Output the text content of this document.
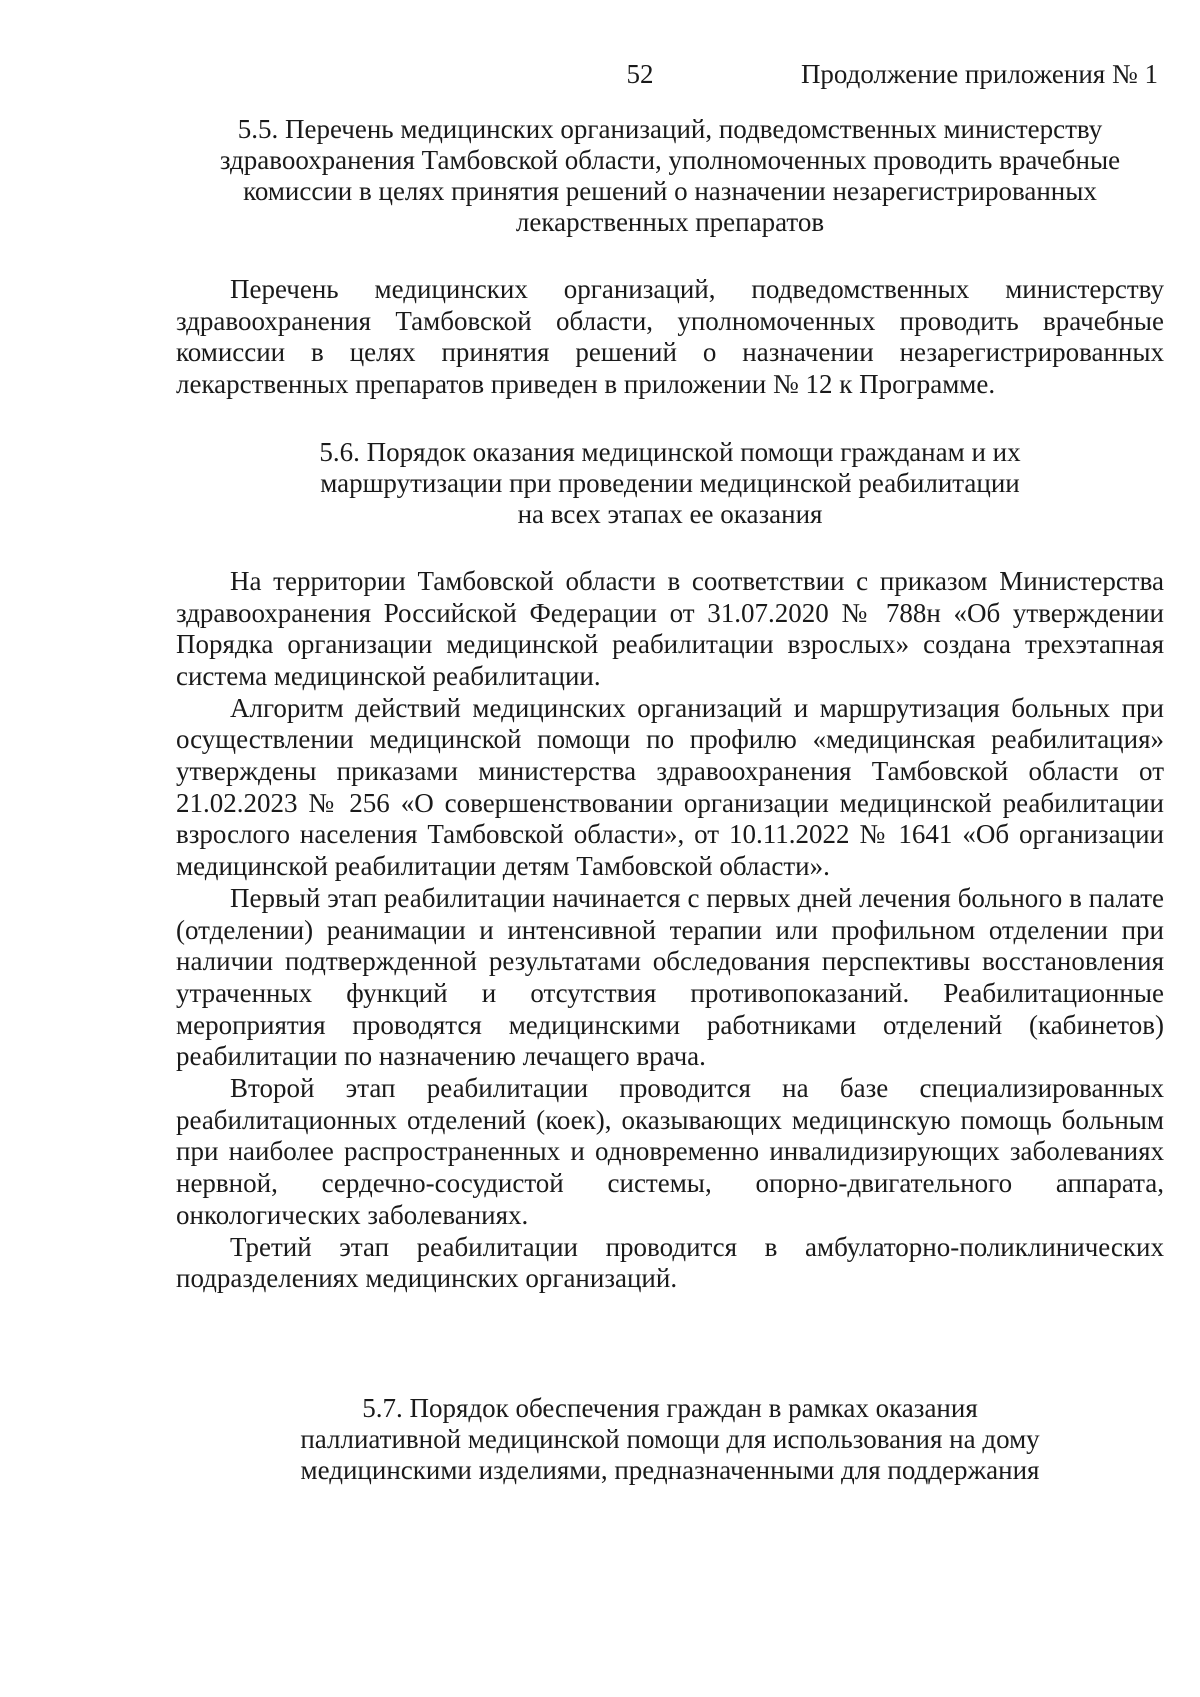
52	Продолжение приложения № 1
5.5. Перечень медицинских организаций, подведомственных министерству
здравоохранения Тамбовской области, уполномоченных проводить врачебные
комиссии в целях принятия решений о назначении незарегистрированных
лекарственных препаратов

Перечень медицинских организаций, подведомственных министерству здравоохранения Тамбовской области, уполномоченных проводить врачебные комиссии в целях принятия решений о назначении незарегистрированных лекарственных препаратов приведен в приложении № 12 к Программе.

5.6. Порядок оказания медицинской помощи гражданам и их
маршрутизации при проведении медицинской реабилитации
на всех этапах ее оказания

На территории Тамбовской области в соответствии с приказом Министерства здравоохранения Российской Федерации от 31.07.2020 № 788н «Об утверждении Порядка организации медицинской реабилитации взрослых» создана трехэтапная система медицинской реабилитации.

Алгоритм действий медицинских организаций и маршрутизация больных при осуществлении медицинской помощи по профилю «медицинская реабилитация» утверждены приказами министерства здравоохранения Тамбовской области от 21.02.2023 № 256 «О совершенствовании организации медицинской реабилитации взрослого населения Тамбовской области», от 10.11.2022 № 1641 «Об организации медицинской реабилитации детям Тамбовской области».

Первый этап реабилитации начинается с первых дней лечения больного в палате (отделении) реанимации и интенсивной терапии или профильном отделении при наличии подтвержденной результатами обследования перспективы восстановления утраченных функций и отсутствия противопоказаний. Реабилитационные мероприятия проводятся медицинскими работниками отделений (кабинетов) реабилитации по назначению лечащего врача.

Второй этап реабилитации проводится на базе специализированных реабилитационных отделений (коек), оказывающих медицинскую помощь больным при наиболее распространенных и одновременно инвалидизирующих заболеваниях нервной, сердечно-сосудистой системы, опорно-двигательного аппарата, онкологических заболеваниях.

Третий этап реабилитации проводится в амбулаторно-поликлинических подразделениях медицинских организаций.

5.7. Порядок обеспечения граждан в рамках оказания
паллиативной медицинской помощи для использования на дому
медицинскими изделиями, предназначенными для поддержания
